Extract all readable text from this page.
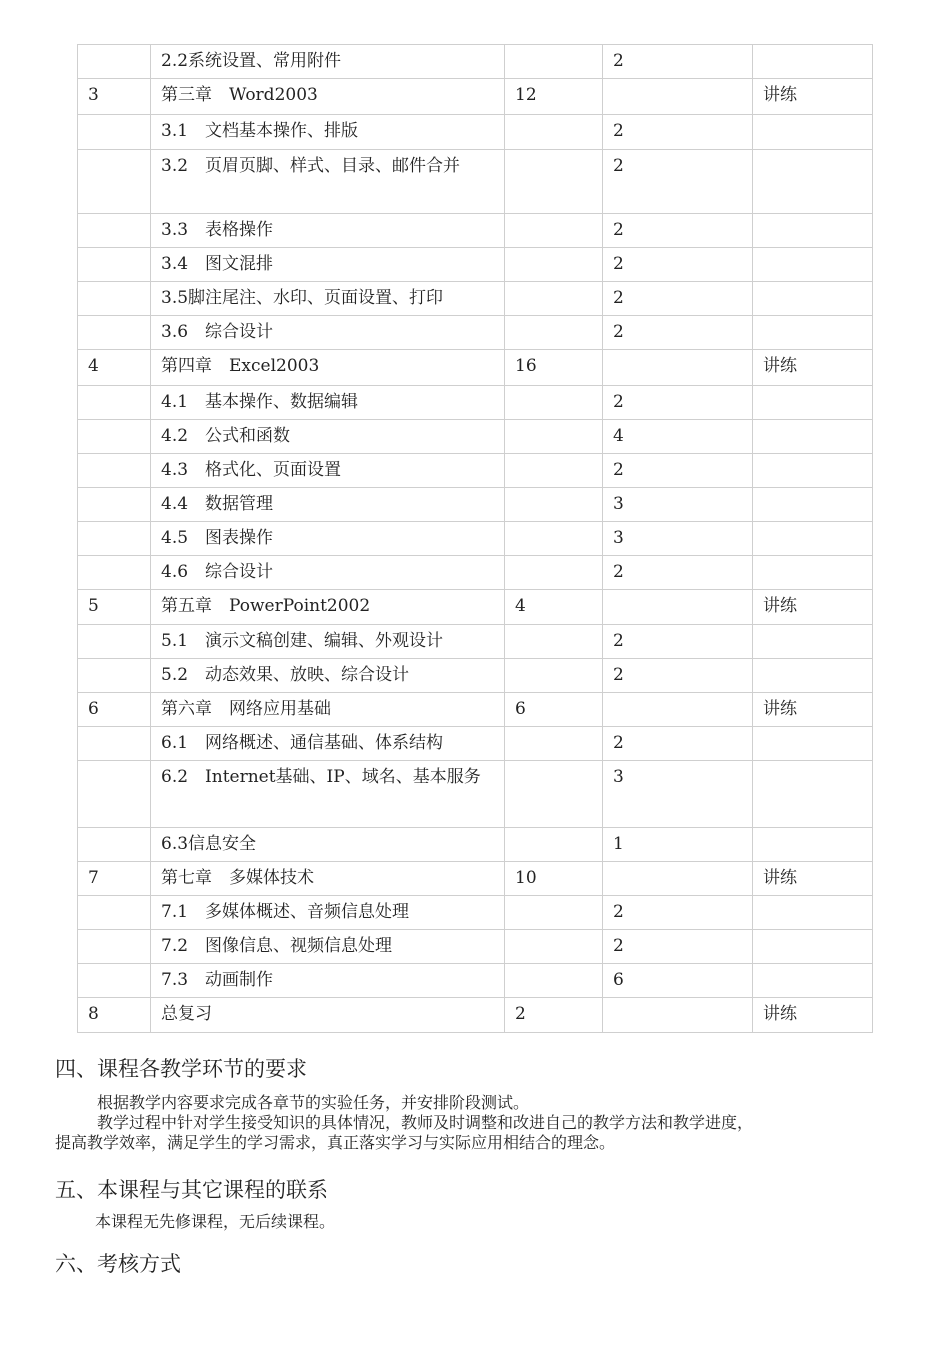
	2.2系统设置、常用附件		2	
3	第三章　Word2003	12		讲练
	3.1　文档基本操作、排版		2	
	3.2　页眉页脚、样式、目录、邮件合并		2	
	3.3　表格操作		2	
	3.4　图文混排		2	
	3.5脚注尾注、水印、页面设置、打印		2	
	3.6　综合设计		2	
4	第四章　Excel2003	16		讲练
	4.1　基本操作、数据编辑		2	
	4.2　公式和函数		4	
	4.3　格式化、页面设置		2	
	4.4　数据管理		3	
	4.5　图表操作		3	
	4.6　综合设计		2	
5	第五章　PowerPoint2002	4		讲练
	5.1　演示文稿创建、编辑、外观设计		2	
	5.2　动态效果、放映、综合设计		2	
6	第六章　网络应用基础	6		讲练
	6.1　网络概述、通信基础、体系结构		2	
	6.2　Internet基础、IP、域名、基本服务		3	
	6.3信息安全		1	
7	第七章　多媒体技术	10		讲练
	7.1　多媒体概述、音频信息处理		2	
	7.2　图像信息、视频信息处理		2	
	7.3　动画制作		6	
8	总复习	2		讲练
四、课程各教学环节的要求

根据教学内容要求完成各章节的实验任务，并安排阶段测试。

教学过程中针对学生接受知识的具体情况，教师及时调整和改进自己的教学方法和教学进度，

提高教学效率，满足学生的学习需求，真正落实学习与实际应用相结合的理念。

五、本课程与其它课程的联系

本课程无先修课程，无后续课程。

六、考核方式
